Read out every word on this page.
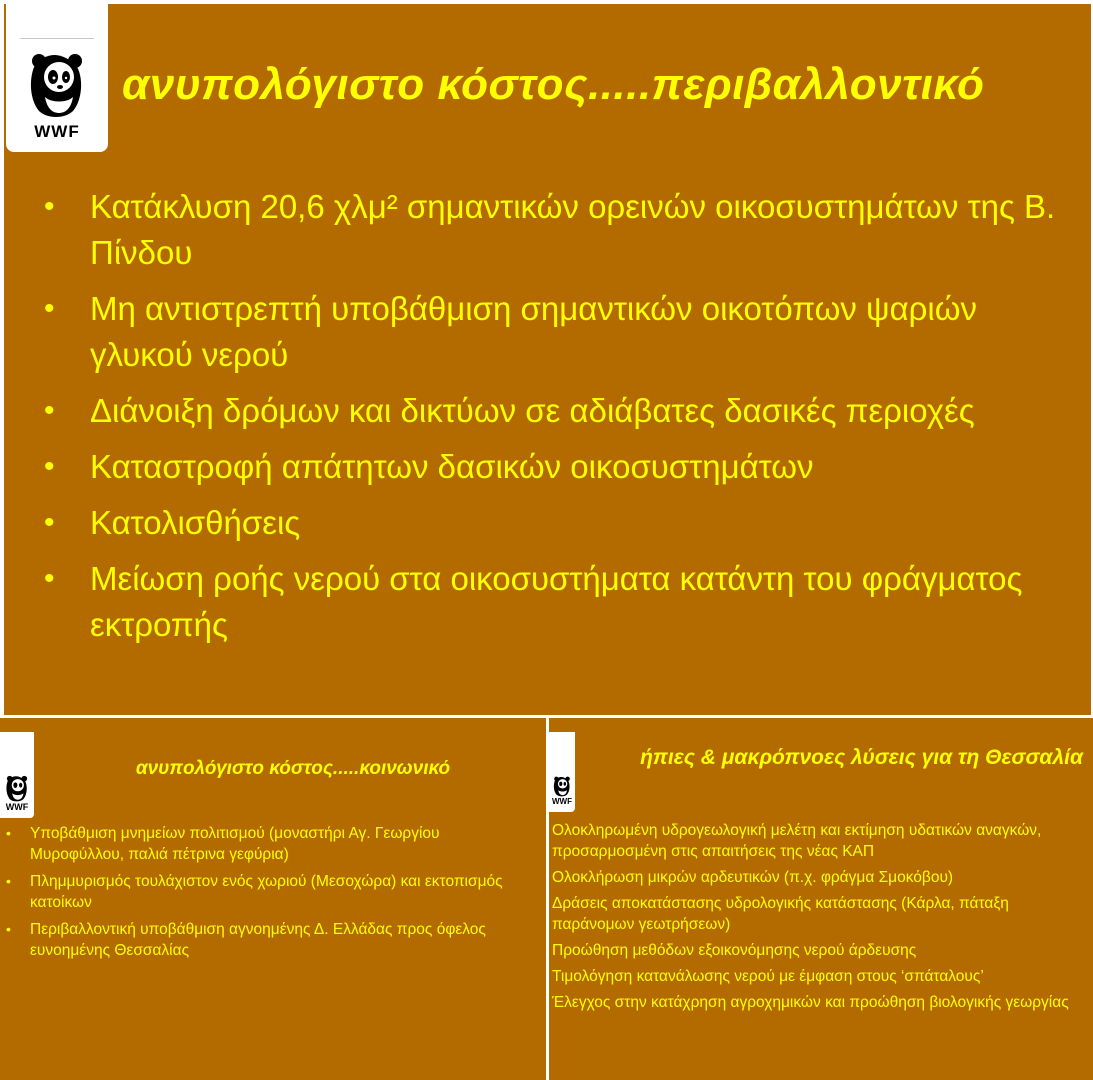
WWF
ανυπολόγιστο κόστος.....περιβαλλοντικό
• Κατάκλυση 20,6 χλμ² σημαντικών ορεινών οικοσυστημάτων της Β. Πίνδου
• Μη αντιστρεπτή υποβάθμιση σημαντικών οικοτόπων ψαριών γλυκού νερού
• Διάνοιξη δρόμων και δικτύων σε αδιάβατες δασικές περιοχές
• Καταστροφή απάτητων δασικών οικοσυστημάτων
• Κατολισθήσεις
• Μείωση ροής νερού στα οικοσυστήματα κατάντη του φράγματος εκτροπής
WWF
ανυπολόγιστο κόστος.....κοινωνικό
• Υποβάθμιση μνημείων πολιτισμού (μοναστήρι Αγ. Γεωργίου Μυροφύλλου, παλιά πέτρινα γεφύρια)
• Πλημμυρισμός τουλάχιστον ενός χωριού (Μεσοχώρα) και εκτοπισμός κατοίκων
• Περιβαλλοντική υποβάθμιση αγνοημένης Δ. Ελλάδας προς όφελος ευνοημένης Θεσσαλίας
WWF
ήπιες & μακρόπνοες λύσεις για τη Θεσσαλία
Ολοκληρωμένη υδρογεωλογική μελέτη και εκτίμηση υδατικών αναγκών, προσαρμοσμένη στις απαιτήσεις της νέας ΚΑΠ
Ολοκλήρωση μικρών αρδευτικών (π.χ. φράγμα Σμοκόβου)
Δράσεις αποκατάστασης υδρολογικής κατάστασης (Κάρλα, πάταξη παράνομων γεωτρήσεων)
Προώθηση μεθόδων εξοικονόμησης νερού άρδευσης
Τιμολόγηση κατανάλωσης νερού με έμφαση στους ‘σπάταλους’
Έλεγχος στην κατάχρηση αγροχημικών και προώθηση βιολογικής γεωργίας
